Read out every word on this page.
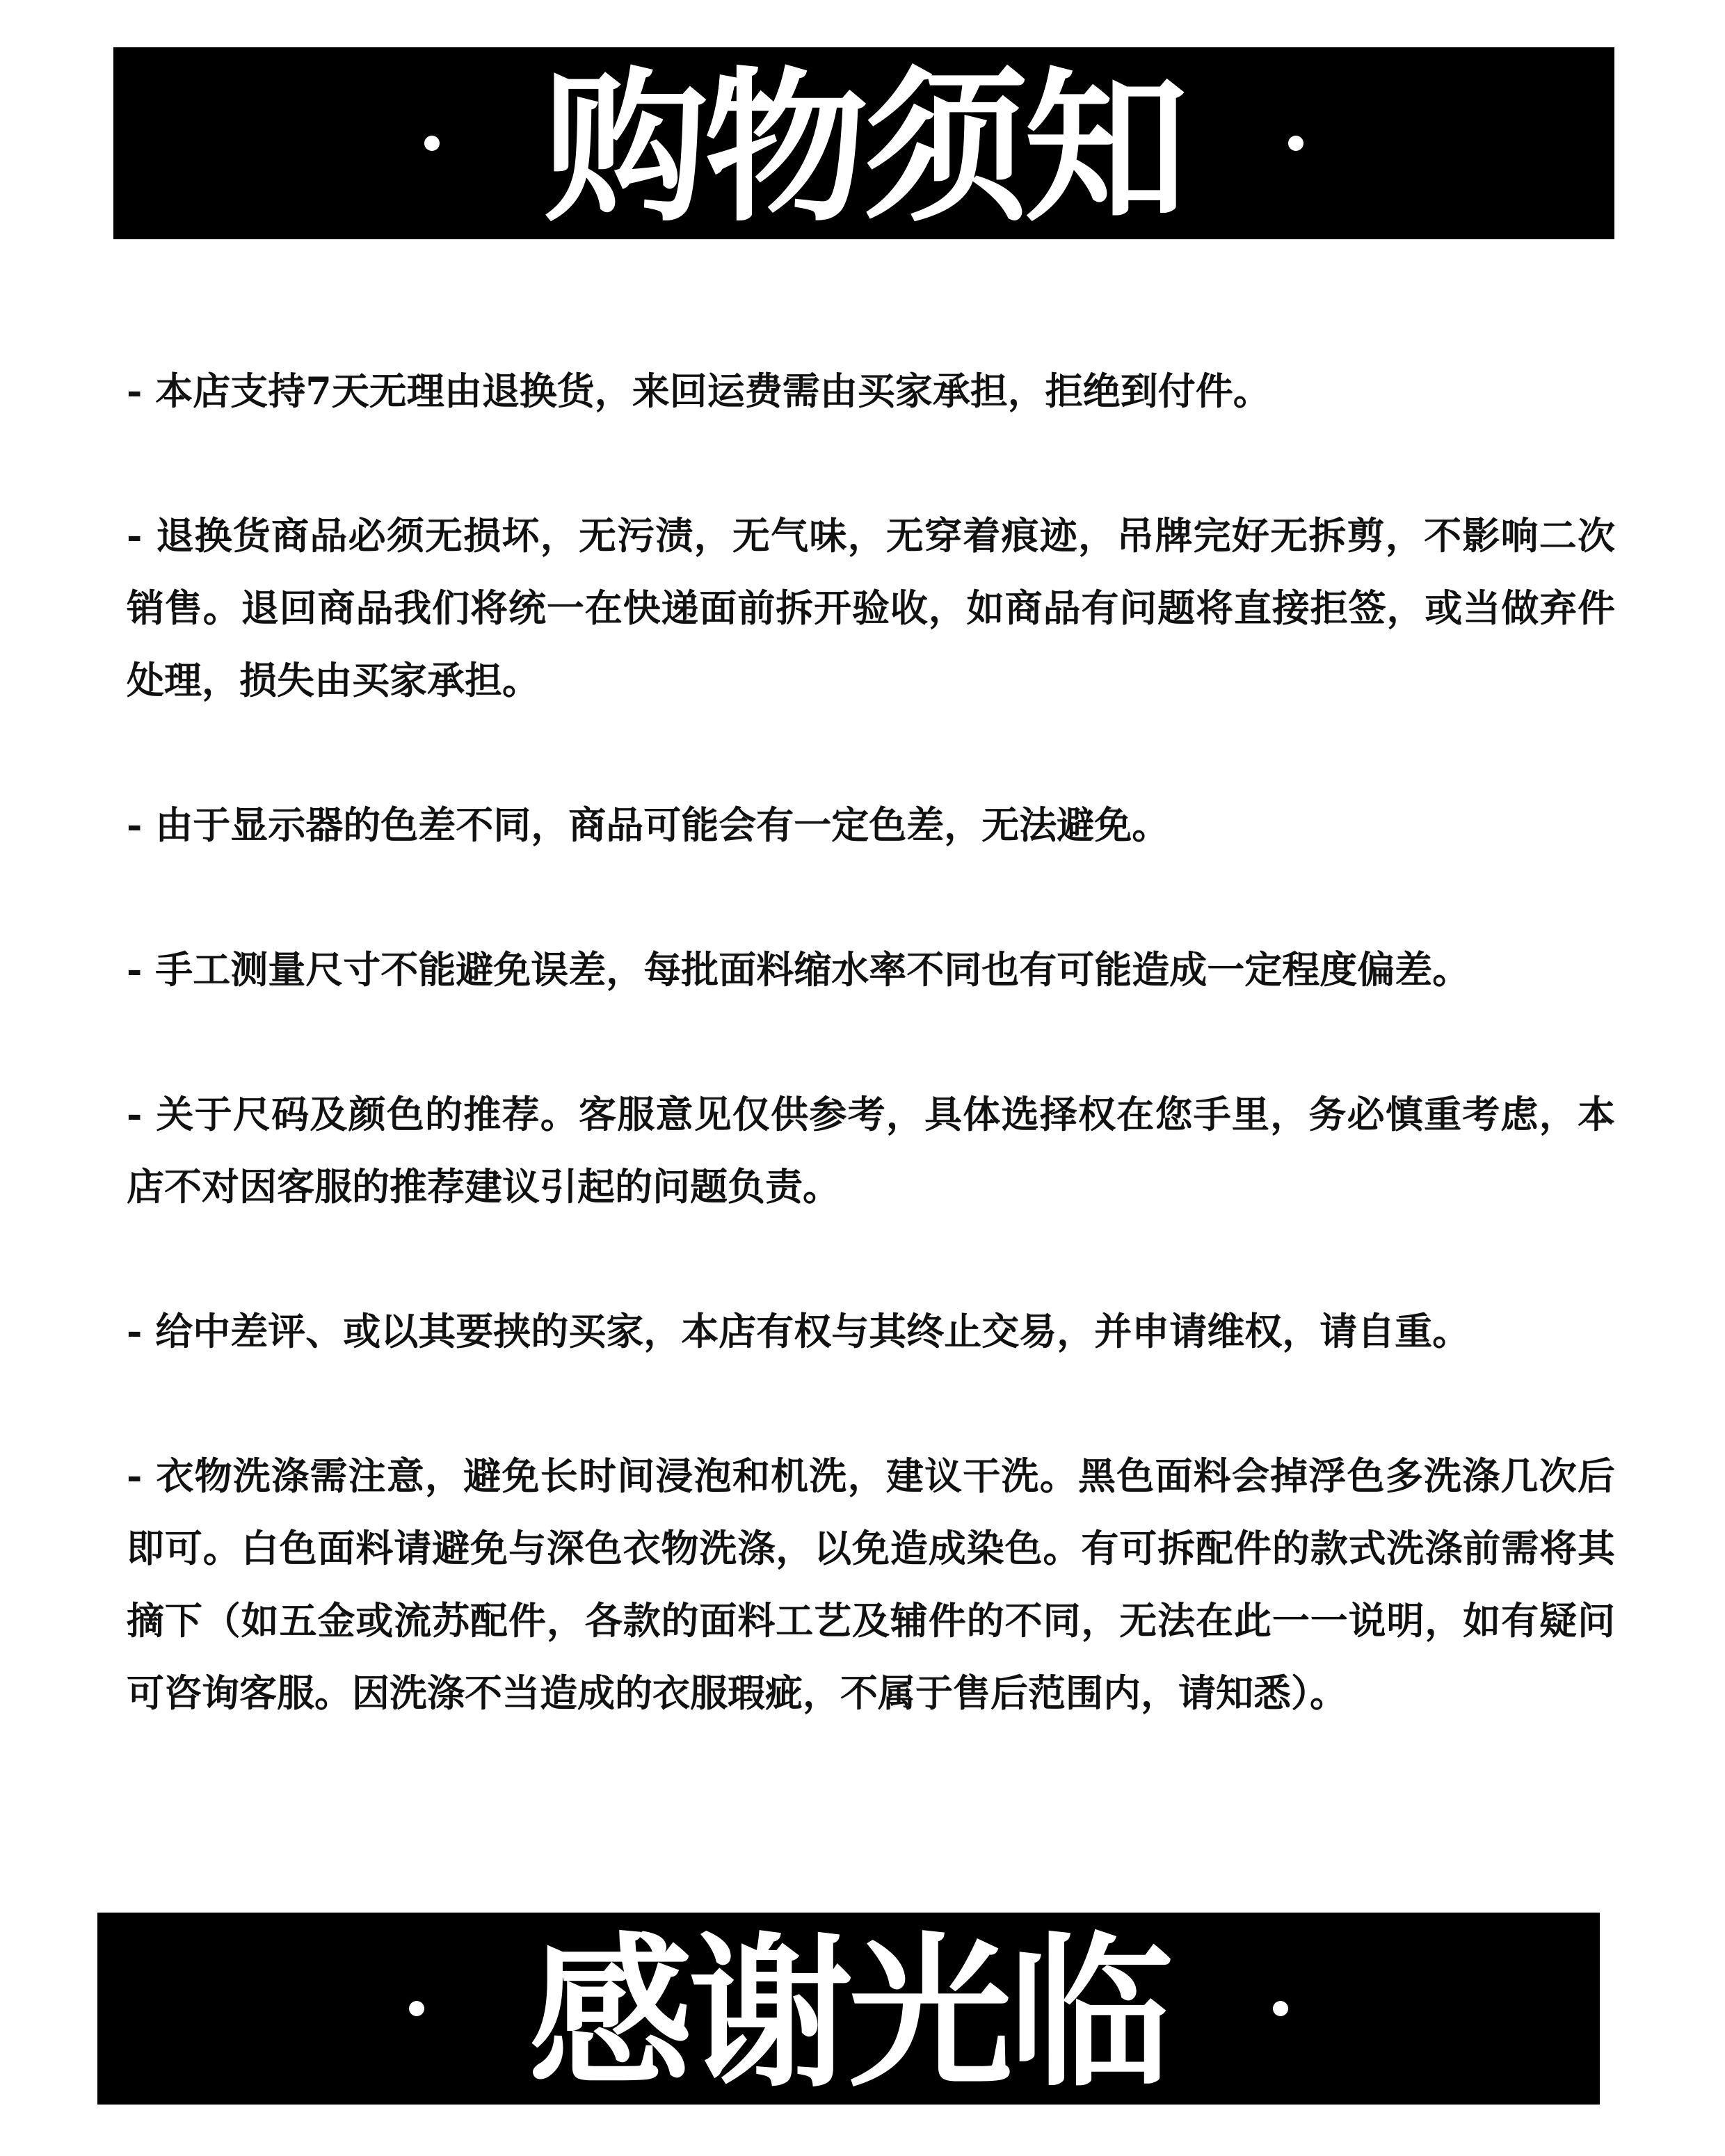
购物须知
- 本店支持7天无理由退换货，来回运费需由买家承担，拒绝到付件。
- 退换货商品必须无损坏，无污渍，无气味，无穿着痕迹，吊牌完好无拆剪，不影响二次销售。退回商品我们将统一在快递面前拆开验收，如商品有问题将直接拒签，或当做弃件处理，损失由买家承担。
- 由于显示器的色差不同，商品可能会有一定色差，无法避免。
- 手工测量尺寸不能避免误差，每批面料缩水率不同也有可能造成一定程度偏差。
- 关于尺码及颜色的推荐。客服意见仅供参考，具体选择权在您手里，务必慎重考虑，本店不对因客服的推荐建议引起的问题负责。
- 给中差评、或以其要挟的买家，本店有权与其终止交易，并申请维权，请自重。
- 衣物洗涤需注意，避免长时间浸泡和机洗，建议干洗。黑色面料会掉浮色多洗涤几次后即可。白色面料请避免与深色衣物洗涤，以免造成染色。有可拆配件的款式洗涤前需将其摘下（如五金或流苏配件，各款的面料工艺及辅件的不同，无法在此一一说明，如有疑问可咨询客服。因洗涤不当造成的衣服瑕疵，不属于售后范围内，请知悉）。
感谢光临
